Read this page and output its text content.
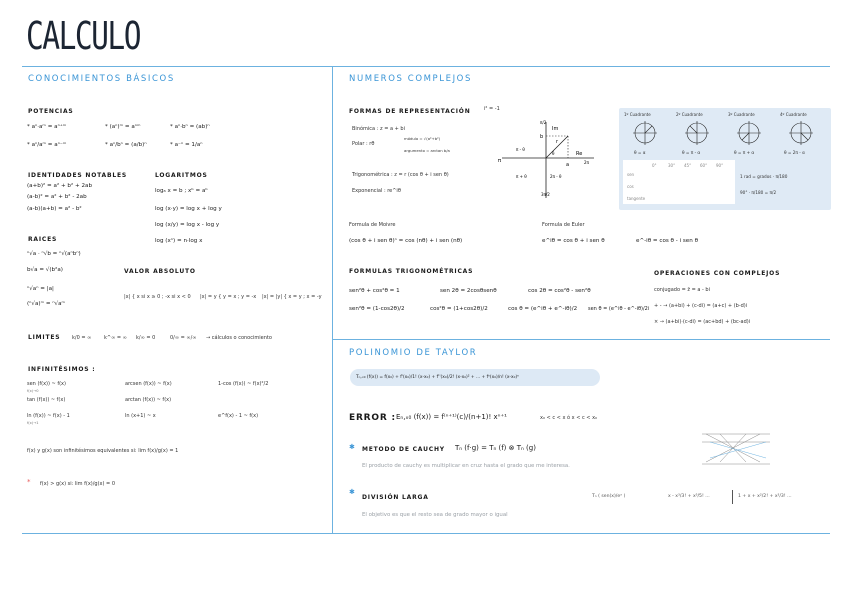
CALCULO
CONOCIMIENTOS BÁSICOS	NUMEROS COMPLEJOS
POLINOMIO DE TAYLOR
POTENCIAS
* aⁿ·aᵐ = aⁿ⁺ᵐ	* (aⁿ)ᵐ = aⁿᵐ	* aⁿ·bⁿ = (ab)ⁿ
* aⁿ/aᵐ = aⁿ⁻ᵐ	* aⁿ/bⁿ = (a/b)ⁿ	* a⁻ⁿ = 1/aⁿ
IDENTIDADES NOTABLES
(a+b)² = a² + b² + 2ab
(a-b)² = a² + b² - 2ab
(a-b)(a+b) = a² - b²
LOGARITMOS
logₐ x = b ; xᵇ = aᵇ
log (x·y) = log x + log y
log (x/y) = log x - log y
log (xⁿ) = n·log x
RAICES
ⁿ√a · ⁿ√b = ⁿ√(aⁿbⁿ)
b√a = √(b²a)
ⁿ√aⁿ = |a|
(ⁿ√a)ᵐ = ⁿ√aᵐ
VALOR ABSOLUTO
|x| { x si x ≥ 0 ; -x si x < 0 |x| = y { y = x ; y = -x |x| = |y| { x = y ; x = -y
LIMITES k/0 = ∞	k^∞ = ∞ k/∞ = 0	0/∞ = ∞/∞ → cálculos o conocimiento
INFINITÉSIMOS :
sen (f(x)) ~ f(x)
f(x)→0
tan (f(x)) ~ f(x)
ln (f(x)) ~ f(x) - 1
f(x)→1
arcsen (f(x)) ~ f(x)
arctan (f(x)) ~ f(x)
ln (x+1) ~ x
1-cos (f(x)) ~ f(x)²/2
e^f(x) - 1 ~ f(x)
f(x) y g(x) son infinitésimos equivalentes si: lim f(x)/g(x) = 1
* f(x) > g(x) si: lim f(x)/g(x) = 0
FORMAS DE REPRESENTACIÓN	i² = -1
Binómica : z = a + bi
Polar : rθ
módulo = √(a²+b²)
argumento = arctan b/a
Trigonométrica : z = r (cos θ + i sen θ)
Exponencial : re^iθ
Im
Re
b
a
r
θ
π/2
π	2π
π - θ
π + θ	2π - θ
3π/2
1º Cuadrante	2º Cuadrante	3º Cuadrante	4º Cuadrante
θ = α	θ = π - α	θ = π + α	θ = 2π - α
sen
cos
tangente
0°	30° 45° 60° 90°
1 rad = grados · π/180
90° · π/180 = π/2
Formula de Moivre
(cos θ + i sen θ)ⁿ = cos (nθ) + i sen (nθ)
Formula de Euler
e^iθ = cos θ + i sen θ	e^-iθ = cos θ - i sen θ
FORMULAS TRIGONOMÉTRICAS
sen²θ + cos²θ = 1	sen 2θ = 2cosθsenθ	cos 2θ = cos²θ - sen²θ
sen²θ = (1-cos2θ)/2	cos²θ = (1+cos2θ)/2	cos θ = (e^iθ + e^-iθ)/2 sen θ = (e^iθ - e^-iθ)/2i
OPERACIONES CON COMPLEJOS
conjugado = z̄ = a - bi
+ - → (a+bi) + (c-di) = (a+c) + (b-d)i
× → (a+bi)·(c-di) = (ac+bd) + (bc-ad)i
Tₙ,ₓ₀ (f(x)) = f(x₀) + f'(x₀)/1! (x-x₀) + f''(x₀)/2! (x-x₀)² + ... + fⁿ(x₀)/n! (x-x₀)ⁿ
ERROR : Eₙ,ₓ₀ (f(x)) = f⁽ⁿ⁺¹⁾(c)/(n+1)! xⁿ⁺¹	x₀ < c < x ó x < c < x₀
✱ METODO DE CAUCHY Tₙ (f·g) = Tₙ (f) ⊗ Tₙ (g)
El producto de cauchy es multiplicar en cruz hasta el grado que me interesa.
✱
DIVISIÓN LARGA	Tₙ ( sen(x)/eˣ )	x - x³/3! + x⁵/5! ...	1 + x + x²/2! + x³/3! ...
El objetivo es que el resto sea de grado mayor o igual
